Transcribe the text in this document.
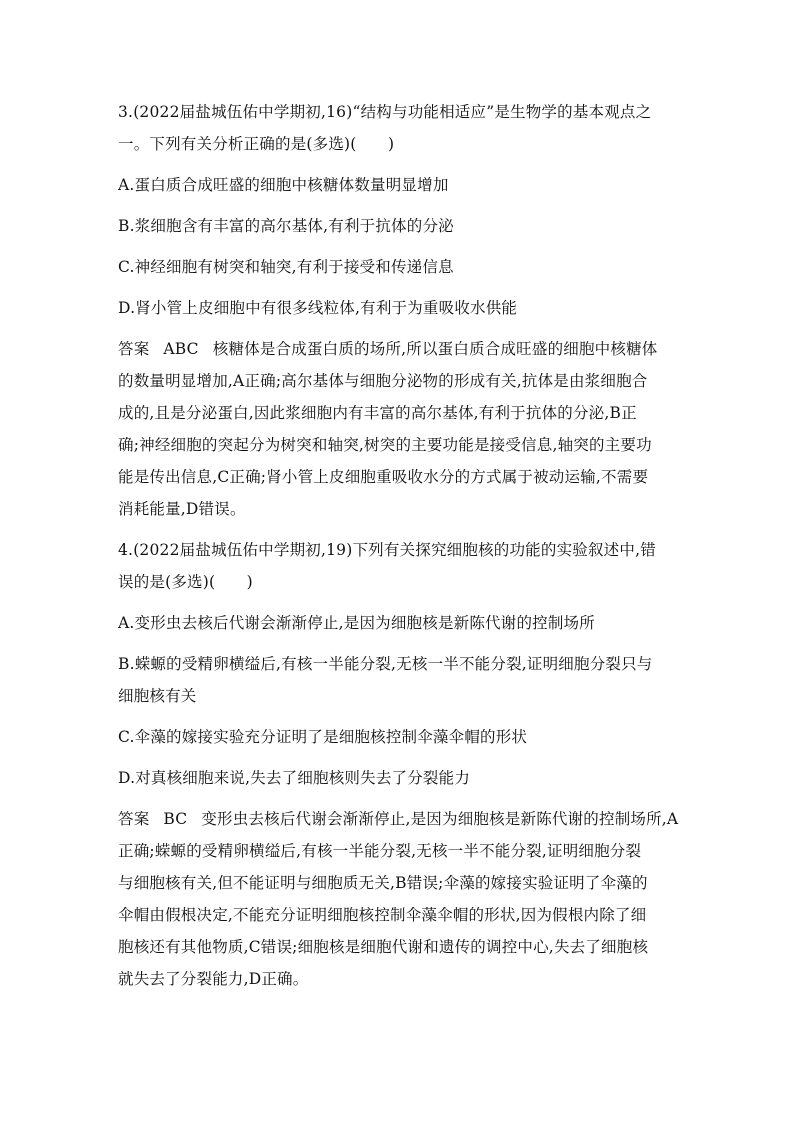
3.(2022届盐城伍佑中学期初,16)“结构与功能相适应”是生物学的基本观点之
一。下列有关分析正确的是(多选)(　　)
A.蛋白质合成旺盛的细胞中核糖体数量明显增加
B.浆细胞含有丰富的高尔基体,有利于抗体的分泌
C.神经细胞有树突和轴突,有利于接受和传递信息
D.肾小管上皮细胞中有很多线粒体,有利于为重吸收水供能
答案 ABC 核糖体是合成蛋白质的场所,所以蛋白质合成旺盛的细胞中核糖体
的数量明显增加,A正确;高尔基体与细胞分泌物的形成有关,抗体是由浆细胞合
成的,且是分泌蛋白,因此浆细胞内有丰富的高尔基体,有利于抗体的分泌,B正
确;神经细胞的突起分为树突和轴突,树突的主要功能是接受信息,轴突的主要功
能是传出信息,C正确;肾小管上皮细胞重吸收水分的方式属于被动运输,不需要
消耗能量,D错误。
4.(2022届盐城伍佑中学期初,19)下列有关探究细胞核的功能的实验叙述中,错
误的是(多选)(　　)
A.变形虫去核后代谢会渐渐停止,是因为细胞核是新陈代谢的控制场所
B.蝾螈的受精卵横缢后,有核一半能分裂,无核一半不能分裂,证明细胞分裂只与
细胞核有关
C.伞藻的嫁接实验充分证明了是细胞核控制伞藻伞帽的形状
D.对真核细胞来说,失去了细胞核则失去了分裂能力
答案 BC 变形虫去核后代谢会渐渐停止,是因为细胞核是新陈代谢的控制场所,A
正确;蝾螈的受精卵横缢后,有核一半能分裂,无核一半不能分裂,证明细胞分裂
与细胞核有关,但不能证明与细胞质无关,B错误;伞藻的嫁接实验证明了伞藻的
伞帽由假根决定,不能充分证明细胞核控制伞藻伞帽的形状,因为假根内除了细
胞核还有其他物质,C错误;细胞核是细胞代谢和遗传的调控中心,失去了细胞核
就失去了分裂能力,D正确。
